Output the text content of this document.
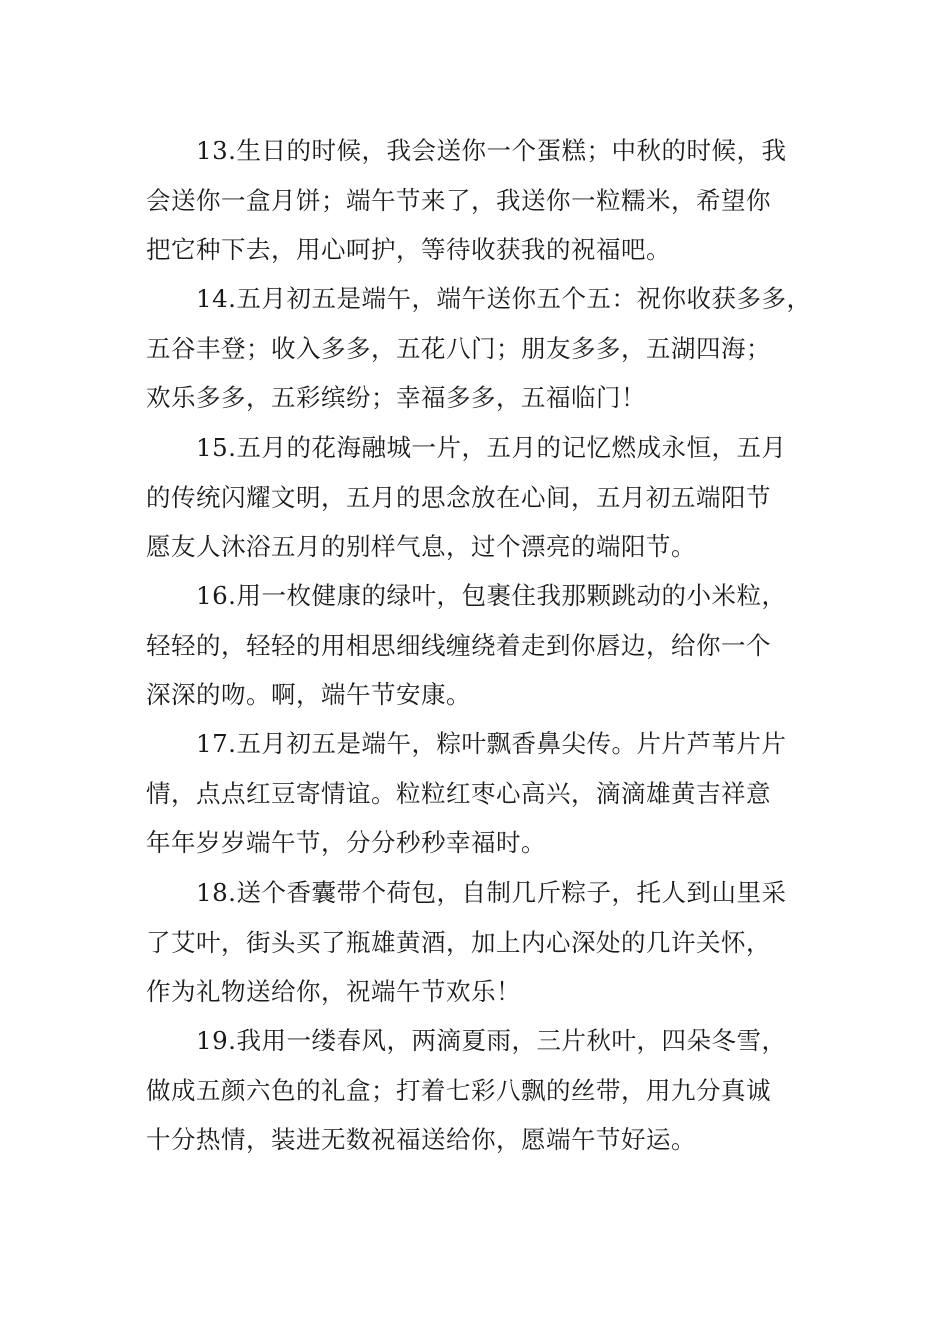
13.生日的时候，我会送你一个蛋糕；中秋的时候，我
会送你一盒月饼；端午节来了，我送你一粒糯米，希望你
把它种下去，用心呵护，等待收获我的祝福吧。

14.五月初五是端午，端午送你五个五：祝你收获多多，
五谷丰登；收入多多，五花八门；朋友多多，五湖四海；
欢乐多多，五彩缤纷；幸福多多，五福临门！

15.五月的花海融城一片，五月的记忆燃成永恒，五月
的传统闪耀文明，五月的思念放在心间，五月初五端阳节
愿友人沐浴五月的别样气息，过个漂亮的端阳节。

16.用一枚健康的绿叶，包裹住我那颗跳动的小米粒，
轻轻的，轻轻的用相思细线缠绕着走到你唇边，给你一个
深深的吻。啊，端午节安康。

17.五月初五是端午，粽叶飘香鼻尖传。片片芦苇片片
情，点点红豆寄情谊。粒粒红枣心高兴，滴滴雄黄吉祥意
年年岁岁端午节，分分秒秒幸福时。

18.送个香囊带个荷包，自制几斤粽子，托人到山里采
了艾叶，街头买了瓶雄黄酒，加上内心深处的几许关怀，
作为礼物送给你，祝端午节欢乐！

19.我用一缕春风，两滴夏雨，三片秋叶，四朵冬雪，
做成五颜六色的礼盒；打着七彩八飘的丝带，用九分真诚
十分热情，装进无数祝福送给你，愿端午节好运。
